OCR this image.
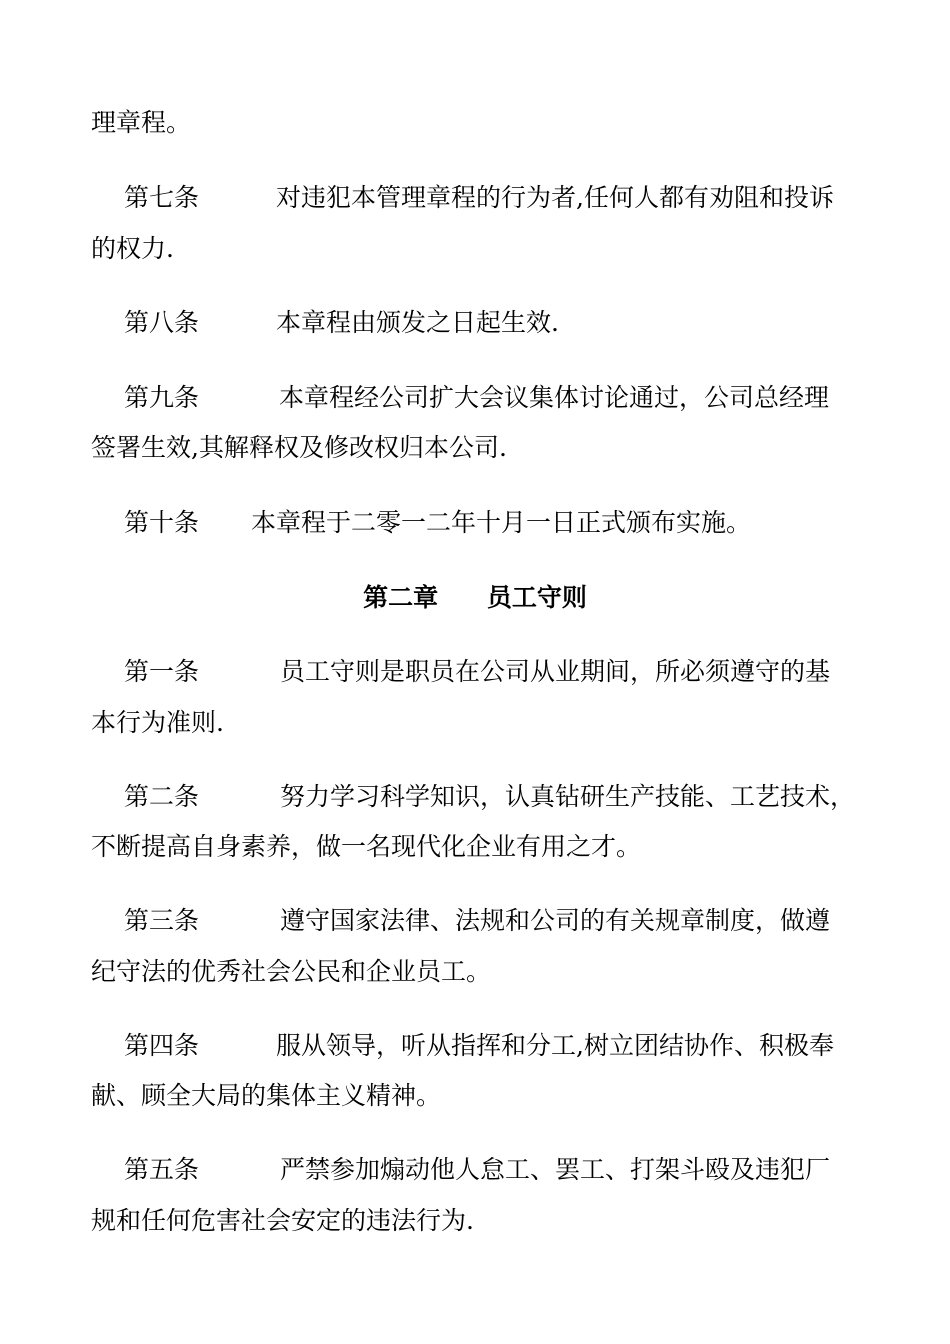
理章程。
第七条	对违犯本管理章程的行为者,任何人都有劝阻和投诉
的权力.
第八条	本章程由颁发之日起生效.
第九条	本章程经公司扩大会议集体讨论通过，公司总经理
签署生效,其解释权及修改权归本公司.
第十条 本章程于二零一二年十月一日正式颁布实施。
第二章 员工守则
第一条	员工守则是职员在公司从业期间，所必须遵守的基
本行为准则.
第二条	努力学习科学知识，认真钻研生产技能、工艺技术，
不断提高自身素养，做一名现代化企业有用之才。
第三条	遵守国家法律、法规和公司的有关规章制度，做遵
纪守法的优秀社会公民和企业员工。
第四条	服从领导，听从指挥和分工,树立团结协作、积极奉
献、顾全大局的集体主义精神。
第五条	严禁参加煽动他人怠工、罢工、打架斗殴及违犯厂
规和任何危害社会安定的违法行为.
